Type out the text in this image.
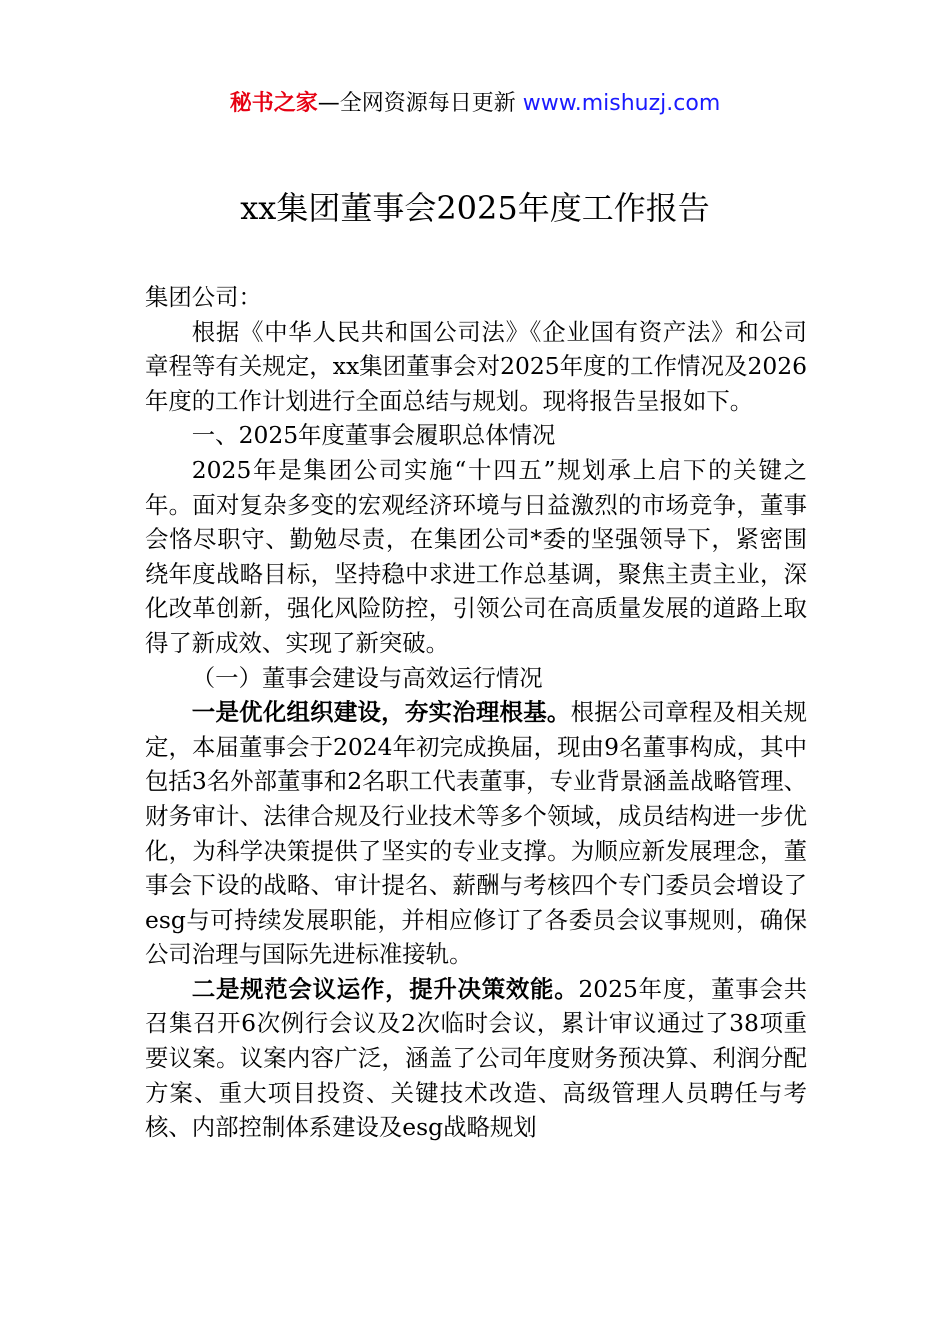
秘书之家—全网资源每日更新 www.mishuzj.com
xx集团董事会2025年度工作报告

集团公司：

根据《中华人民共和国公司法》《企业国有资产法》和公司章程等有关规定，xx集团董事会对2025年度的工作情况及2026年度的工作计划进行全面总结与规划。现将报告呈报如下。

一、2025年度董事会履职总体情况

2025年是集团公司实施“十四五”规划承上启下的关键之年。面对复杂多变的宏观经济环境与日益激烈的市场竞争，董事会恪尽职守、勤勉尽责，在集团公司*委的坚强领导下，紧密围绕年度战略目标，坚持稳中求进工作总基调，聚焦主责主业，深化改革创新，强化风险防控，引领公司在高质量发展的道路上取得了新成效、实现了新突破。

（一）董事会建设与高效运行情况

一是优化组织建设，夯实治理根基。根据公司章程及相关规定，本届董事会于2024年初完成换届，现由9名董事构成，其中包括3名外部董事和2名职工代表董事，专业背景涵盖战略管理、财务审计、法律合规及行业技术等多个领域，成员结构进一步优化，为科学决策提供了坚实的专业支撑。为顺应新发展理念，董事会下设的战略、审计提名、薪酬与考核四个专门委员会增设了esg与可持续发展职能，并相应修订了各委员会议事规则，确保公司治理与国际先进标准接轨。

二是规范会议运作，提升决策效能。2025年度，董事会共召集召开6次例行会议及2次临时会议，累计审议通过了38项重要议案。议案内容广泛，涵盖了公司年度财务预决算、利润分配方案、重大项目投资、关键技术改造、高级管理人员聘任与考核、内部控制体系建设及esg战略规划
